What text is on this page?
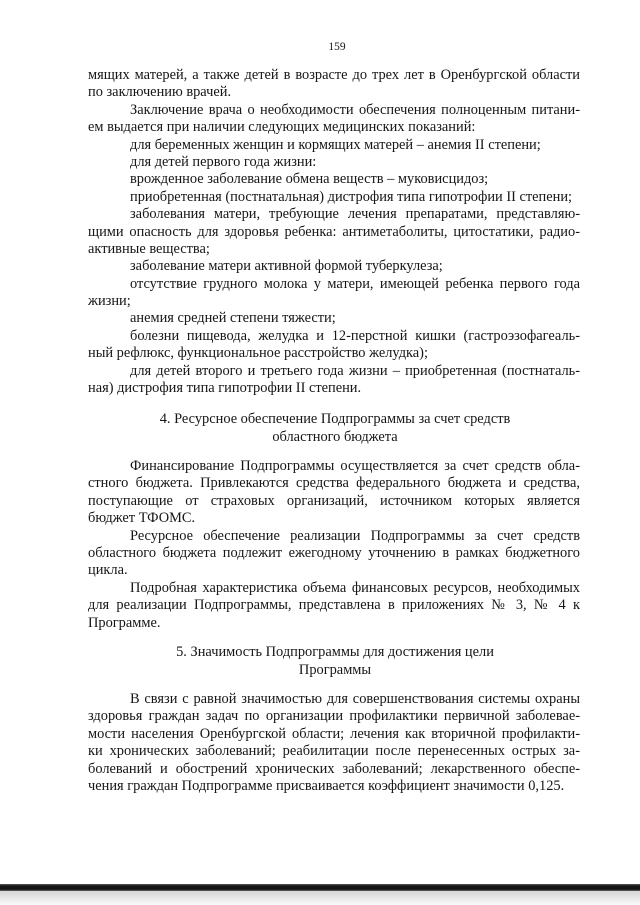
159
мящих матерей, а также детей в возрасте до трех лет в Оренбургской области
по заключению врачей.
Заключение врача о необходимости обеспечения полноценным питани-
ем выдается при наличии следующих медицинских показаний:
для беременных женщин и кормящих матерей – анемия II степени;
для детей первого года жизни:
врожденное заболевание обмена веществ – муковисцидоз;
приобретенная (постнатальная) дистрофия типа гипотрофии II степени;
заболевания матери, требующие лечения препаратами, представляю-
щими опасность для здоровья ребенка: антиметаболиты, цитостатики, радио-
активные вещества;
заболевание матери активной формой туберкулеза;
отсутствие грудного молока у матери, имеющей ребенка первого года
жизни;
анемия средней степени тяжести;
болезни пищевода, желудка и 12-перстной кишки (гастроэзофагеаль-
ный рефлюкс, функциональное расстройство желудка);
для детей второго и третьего года жизни – приобретенная (постнаталь-
ная) дистрофия типа гипотрофии II степени.
4. Ресурсное обеспечение Подпрограммы за счет средств
областного бюджета
Финансирование Подпрограммы осуществляется за счет средств обла-
стного бюджета. Привлекаются средства федерального бюджета и средства,
поступающие от страховых организаций, источником которых является
бюджет ТФОМС.
Ресурсное обеспечение реализации Подпрограммы за счет средств
областного бюджета подлежит ежегодному уточнению в рамках бюджетного
цикла.
Подробная характеристика объема финансовых ресурсов, необходимых
для реализации Подпрограммы, представлена в приложениях № 3, № 4 к
Программе.
5. Значимость Подпрограммы для достижения цели
Программы
В связи с равной значимостью для совершенствования системы охраны
здоровья граждан задач по организации профилактики первичной заболевае-
мости населения Оренбургской области; лечения как вторичной профилакти-
ки хронических заболеваний; реабилитации после перенесенных острых за-
болеваний и обострений хронических заболеваний; лекарственного обеспе-
чения граждан Подпрограмме присваивается коэффициент значимости 0,125.
